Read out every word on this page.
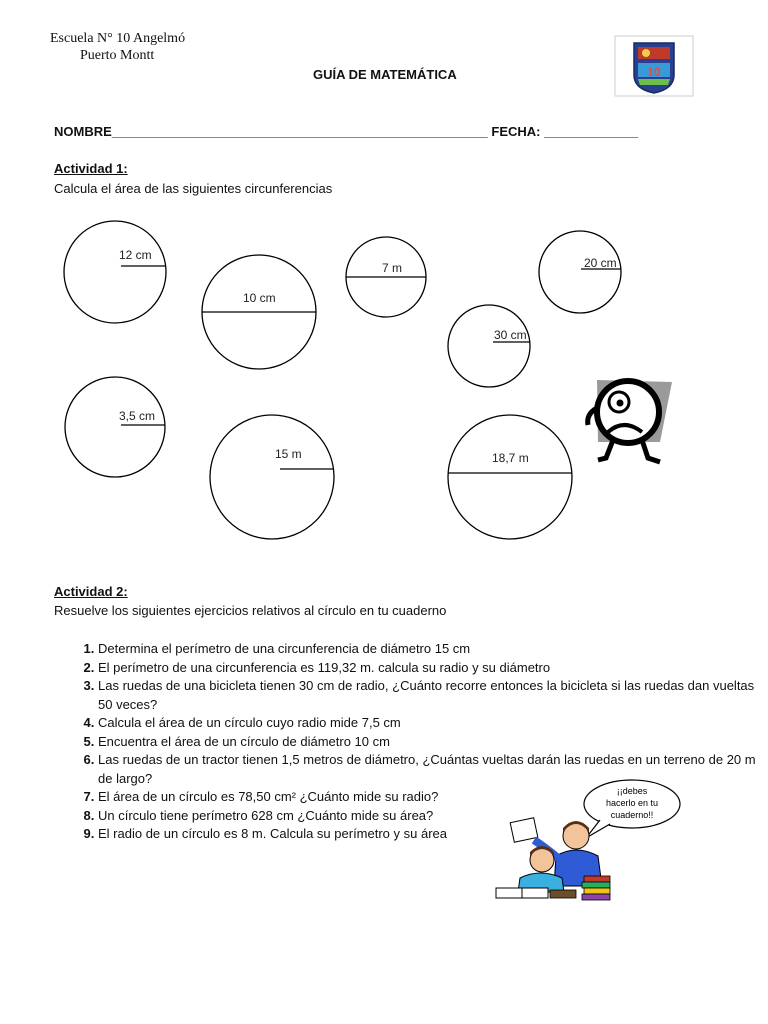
Escuela N° 10 Angelmó
Puerto Montt
GUÍA DE MATEMÁTICA	10
NOMBRE____________________________________________________ FECHA: _____________
Actividad 1:
Calcula el área de las siguientes circunferencias
12 cm
10 cm
7 m	20 cm
30 cm
3,5 cm
15 m	18,7 m
Actividad 2:
Resuelve los siguientes ejercicios relativos al círculo en tu cuaderno
1. Determina el perímetro de una circunferencia de diámetro 15 cm
2. El perímetro de una circunferencia es 119,32 m. calcula su radio y su diámetro
3. Las ruedas de una bicicleta tienen 30 cm de radio, ¿Cuánto recorre entonces la bicicleta si las ruedas dan vueltas 50 veces?
4. Calcula el área de un círculo cuyo radio mide 7,5 cm
5. Encuentra el área de un círculo de diámetro 10 cm
6. Las ruedas de un tractor tienen 1,5 metros de diámetro, ¿Cuántas vueltas darán las ruedas en un terreno de 20 m de largo?
7. El área de un círculo es 78,50 cm² ¿Cuánto mide su radio?
8. Un círculo tiene perímetro 628 cm ¿Cuánto mide su área?
9. El radio de un círculo es 8 m. Calcula su perímetro y su área
¡¡debes
hacerlo en tu
cuaderno!!
